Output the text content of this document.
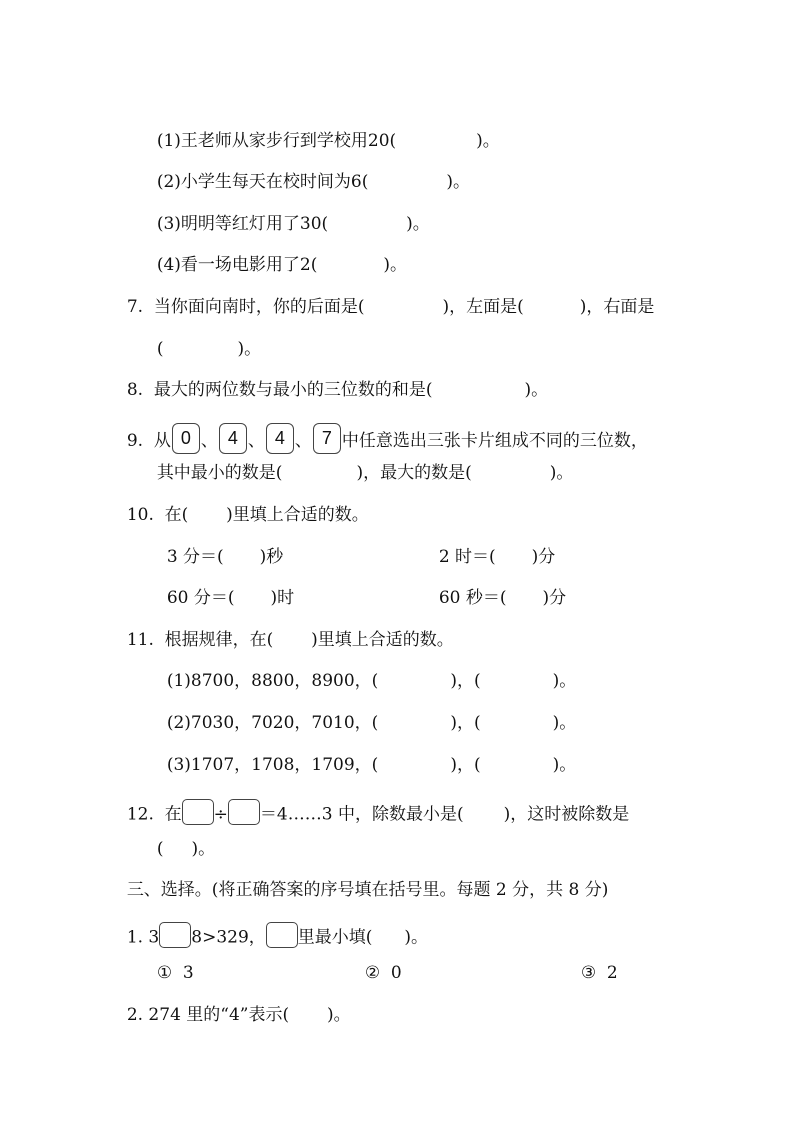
(1)王老师从家步行到学校用20(	)。

(2)小学生每天在校时间为6(	)。

(3)明明等红灯用了30(	)。

(4)看一场电影用了2(	)。

7.  当你面向南时，你的后面是(	)，左面是(	)，右面是

(	)。

8.  最大的两位数与最小的三位数的和是(	)。

9.  从 0 、 4 、 4 、 7 中任意选出三张卡片组成不同的三位数，

其中最小的数是(	)，最大的数是(	)。

10.  在(       )里填上合适的数。

3 分＝( )秒	2 时＝( )分

60 分＝( )时	60 秒＝( )分

11.  根据规律，在(       )里填上合适的数。

(1)8700，8800，8900，(	)，(	)。

(2)7030，7020，7010，(	)，(	)。

(3)1707，1708，1709，(	)，(	)。

12.  在 ÷ ＝4……3 中，除数最小是( )，这时被除数是

( )。

三、选择。(将正确答案的序号填在括号里。每题 2 分，共 8 分)

1. 3 8>329， 里最小填( )。

①  3	②  0	③  2

2. 274 里的“4”表示(       )。
